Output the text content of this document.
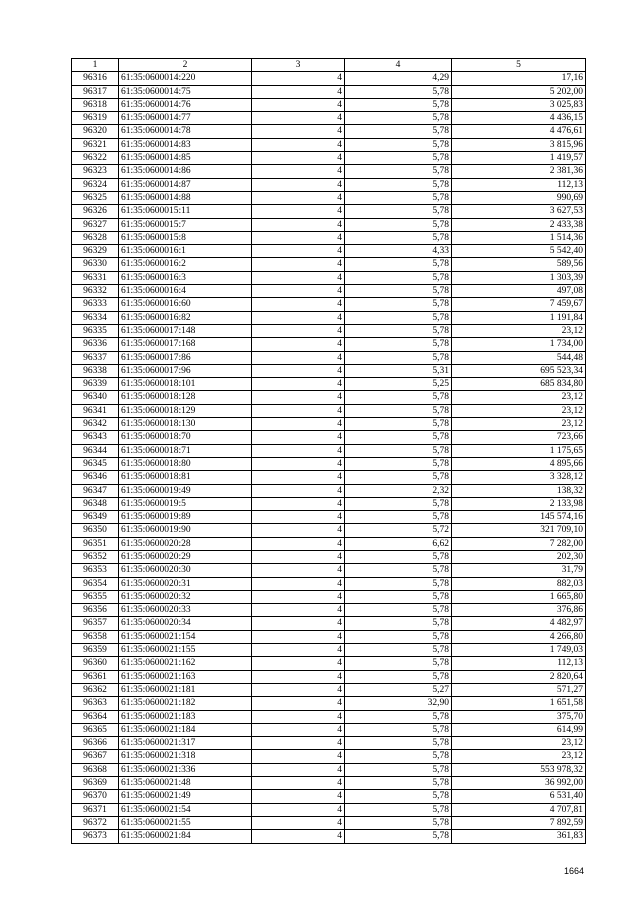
1	2	3	4	5
96316	61:35:0600014:220	4	4,29	17,16
96317	61:35:0600014:75	4	5,78	5 202,00
96318	61:35:0600014:76	4	5,78	3 025,83
96319	61:35:0600014:77	4	5,78	4 436,15
96320	61:35:0600014:78	4	5,78	4 476,61
96321	61:35:0600014:83	4	5,78	3 815,96
96322	61:35:0600014:85	4	5,78	1 419,57
96323	61:35:0600014:86	4	5,78	2 381,36
96324	61:35:0600014:87	4	5,78	112,13
96325	61:35:0600014:88	4	5,78	990,69
96326	61:35:0600015:11	4	5,78	3 627,53
96327	61:35:0600015:7	4	5,78	2 433,38
96328	61:35:0600015:8	4	5,78	1 514,36
96329	61:35:0600016:1	4	4,33	5 542,40
96330	61:35:0600016:2	4	5,78	589,56
96331	61:35:0600016:3	4	5,78	1 303,39
96332	61:35:0600016:4	4	5,78	497,08
96333	61:35:0600016:60	4	5,78	7 459,67
96334	61:35:0600016:82	4	5,78	1 191,84
96335	61:35:0600017:148	4	5,78	23,12
96336	61:35:0600017:168	4	5,78	1 734,00
96337	61:35:0600017:86	4	5,78	544,48
96338	61:35:0600017:96	4	5,31	695 523,34
96339	61:35:0600018:101	4	5,25	685 834,80
96340	61:35:0600018:128	4	5,78	23,12
96341	61:35:0600018:129	4	5,78	23,12
96342	61:35:0600018:130	4	5,78	23,12
96343	61:35:0600018:70	4	5,78	723,66
96344	61:35:0600018:71	4	5,78	1 175,65
96345	61:35:0600018:80	4	5,78	4 895,66
96346	61:35:0600018:81	4	5,78	3 328,12
96347	61:35:0600019:49	4	2,32	138,32
96348	61:35:0600019:5	4	5,78	2 133,98
96349	61:35:0600019:89	4	5,78	145 574,16
96350	61:35:0600019:90	4	5,72	321 709,10
96351	61:35:0600020:28	4	6,62	7 282,00
96352	61:35:0600020:29	4	5,78	202,30
96353	61:35:0600020:30	4	5,78	31,79
96354	61:35:0600020:31	4	5,78	882,03
96355	61:35:0600020:32	4	5,78	1 665,80
96356	61:35:0600020:33	4	5,78	376,86
96357	61:35:0600020:34	4	5,78	4 482,97
96358	61:35:0600021:154	4	5,78	4 266,80
96359	61:35:0600021:155	4	5,78	1 749,03
96360	61:35:0600021:162	4	5,78	112,13
96361	61:35:0600021:163	4	5,78	2 820,64
96362	61:35:0600021:181	4	5,27	571,27
96363	61:35:0600021:182	4	32,90	1 651,58
96364	61:35:0600021:183	4	5,78	375,70
96365	61:35:0600021:184	4	5,78	614,99
96366	61:35:0600021:317	4	5,78	23,12
96367	61:35:0600021:318	4	5,78	23,12
96368	61:35:0600021:336	4	5,78	553 978,32
96369	61:35:0600021:48	4	5,78	36 992,00
96370	61:35:0600021:49	4	5,78	6 531,40
96371	61:35:0600021:54	4	5,78	4 707,81
96372	61:35:0600021:55	4	5,78	7 892,59
96373	61:35:0600021:84	4	5,78	361,83
1664
